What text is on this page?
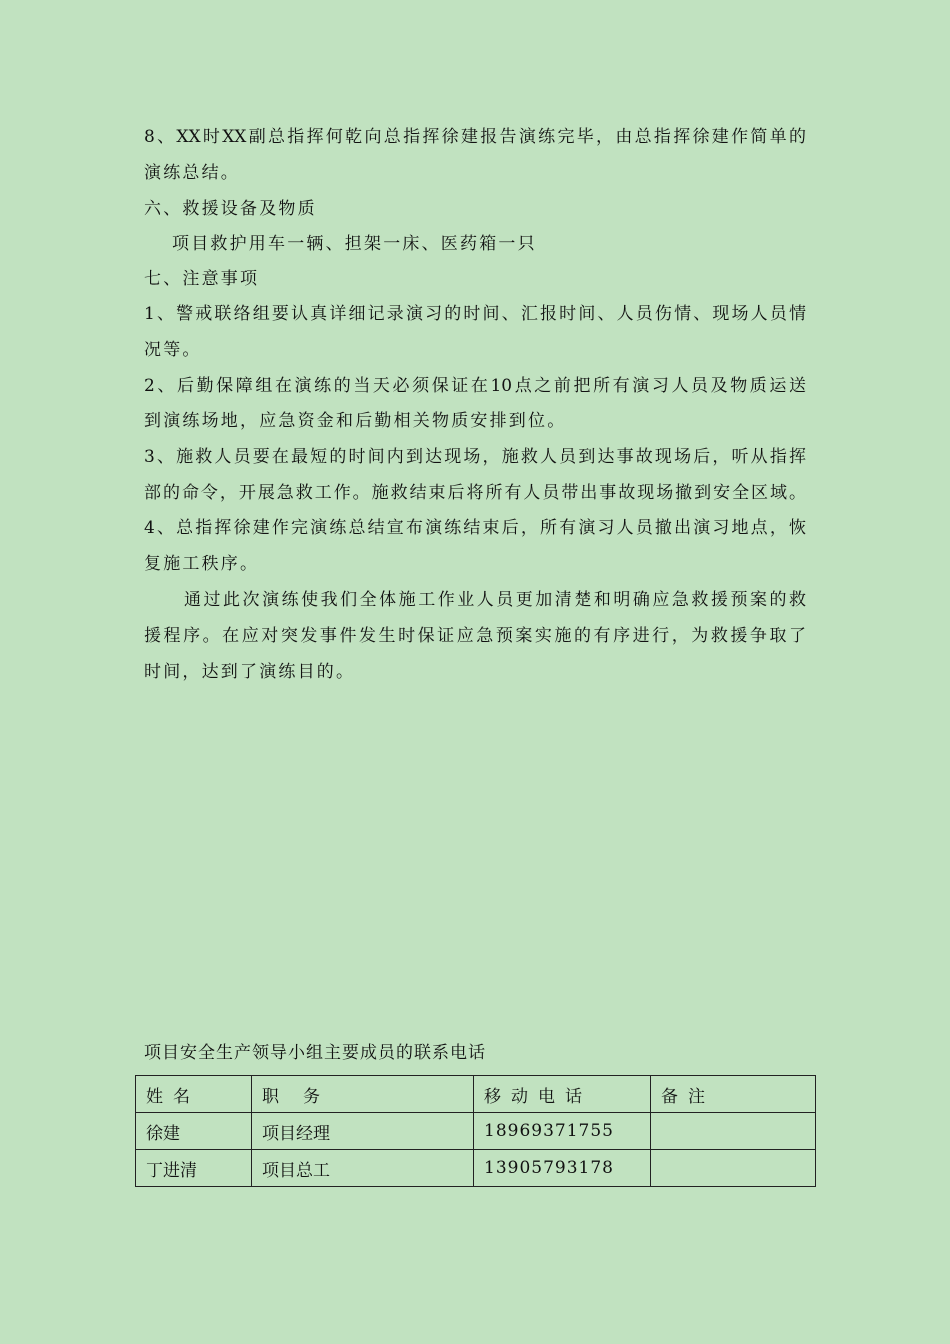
8、XX时XX副总指挥何乾向总指挥徐建报告演练完毕，由总指挥徐建作简单的
演练总结。
六、救援设备及物质
项目救护用车一辆、担架一床、医药箱一只
七、注意事项
1、警戒联络组要认真详细记录演习的时间、汇报时间、人员伤情、现场人员情
况等。
2、后勤保障组在演练的当天必须保证在10点之前把所有演习人员及物质运送
到演练场地，应急资金和后勤相关物质安排到位。
3、施救人员要在最短的时间内到达现场，施救人员到达事故现场后，听从指挥
部的命令，开展急救工作。施救结束后将所有人员带出事故现场撤到安全区域。
4、总指挥徐建作完演练总结宣布演练结束后，所有演习人员撤出演习地点，恢
复施工秩序。
通过此次演练使我们全体施工作业人员更加清楚和明确应急救援预案的救
援程序。在应对突发事件发生时保证应急预案实施的有序进行，为救援争取了
时间，达到了演练目的。
项目安全生产领导小组主要成员的联系电话
姓名	职务	移动电话	备注
徐建	项目经理	18969371755	
丁进清	项目总工	13905793178	
